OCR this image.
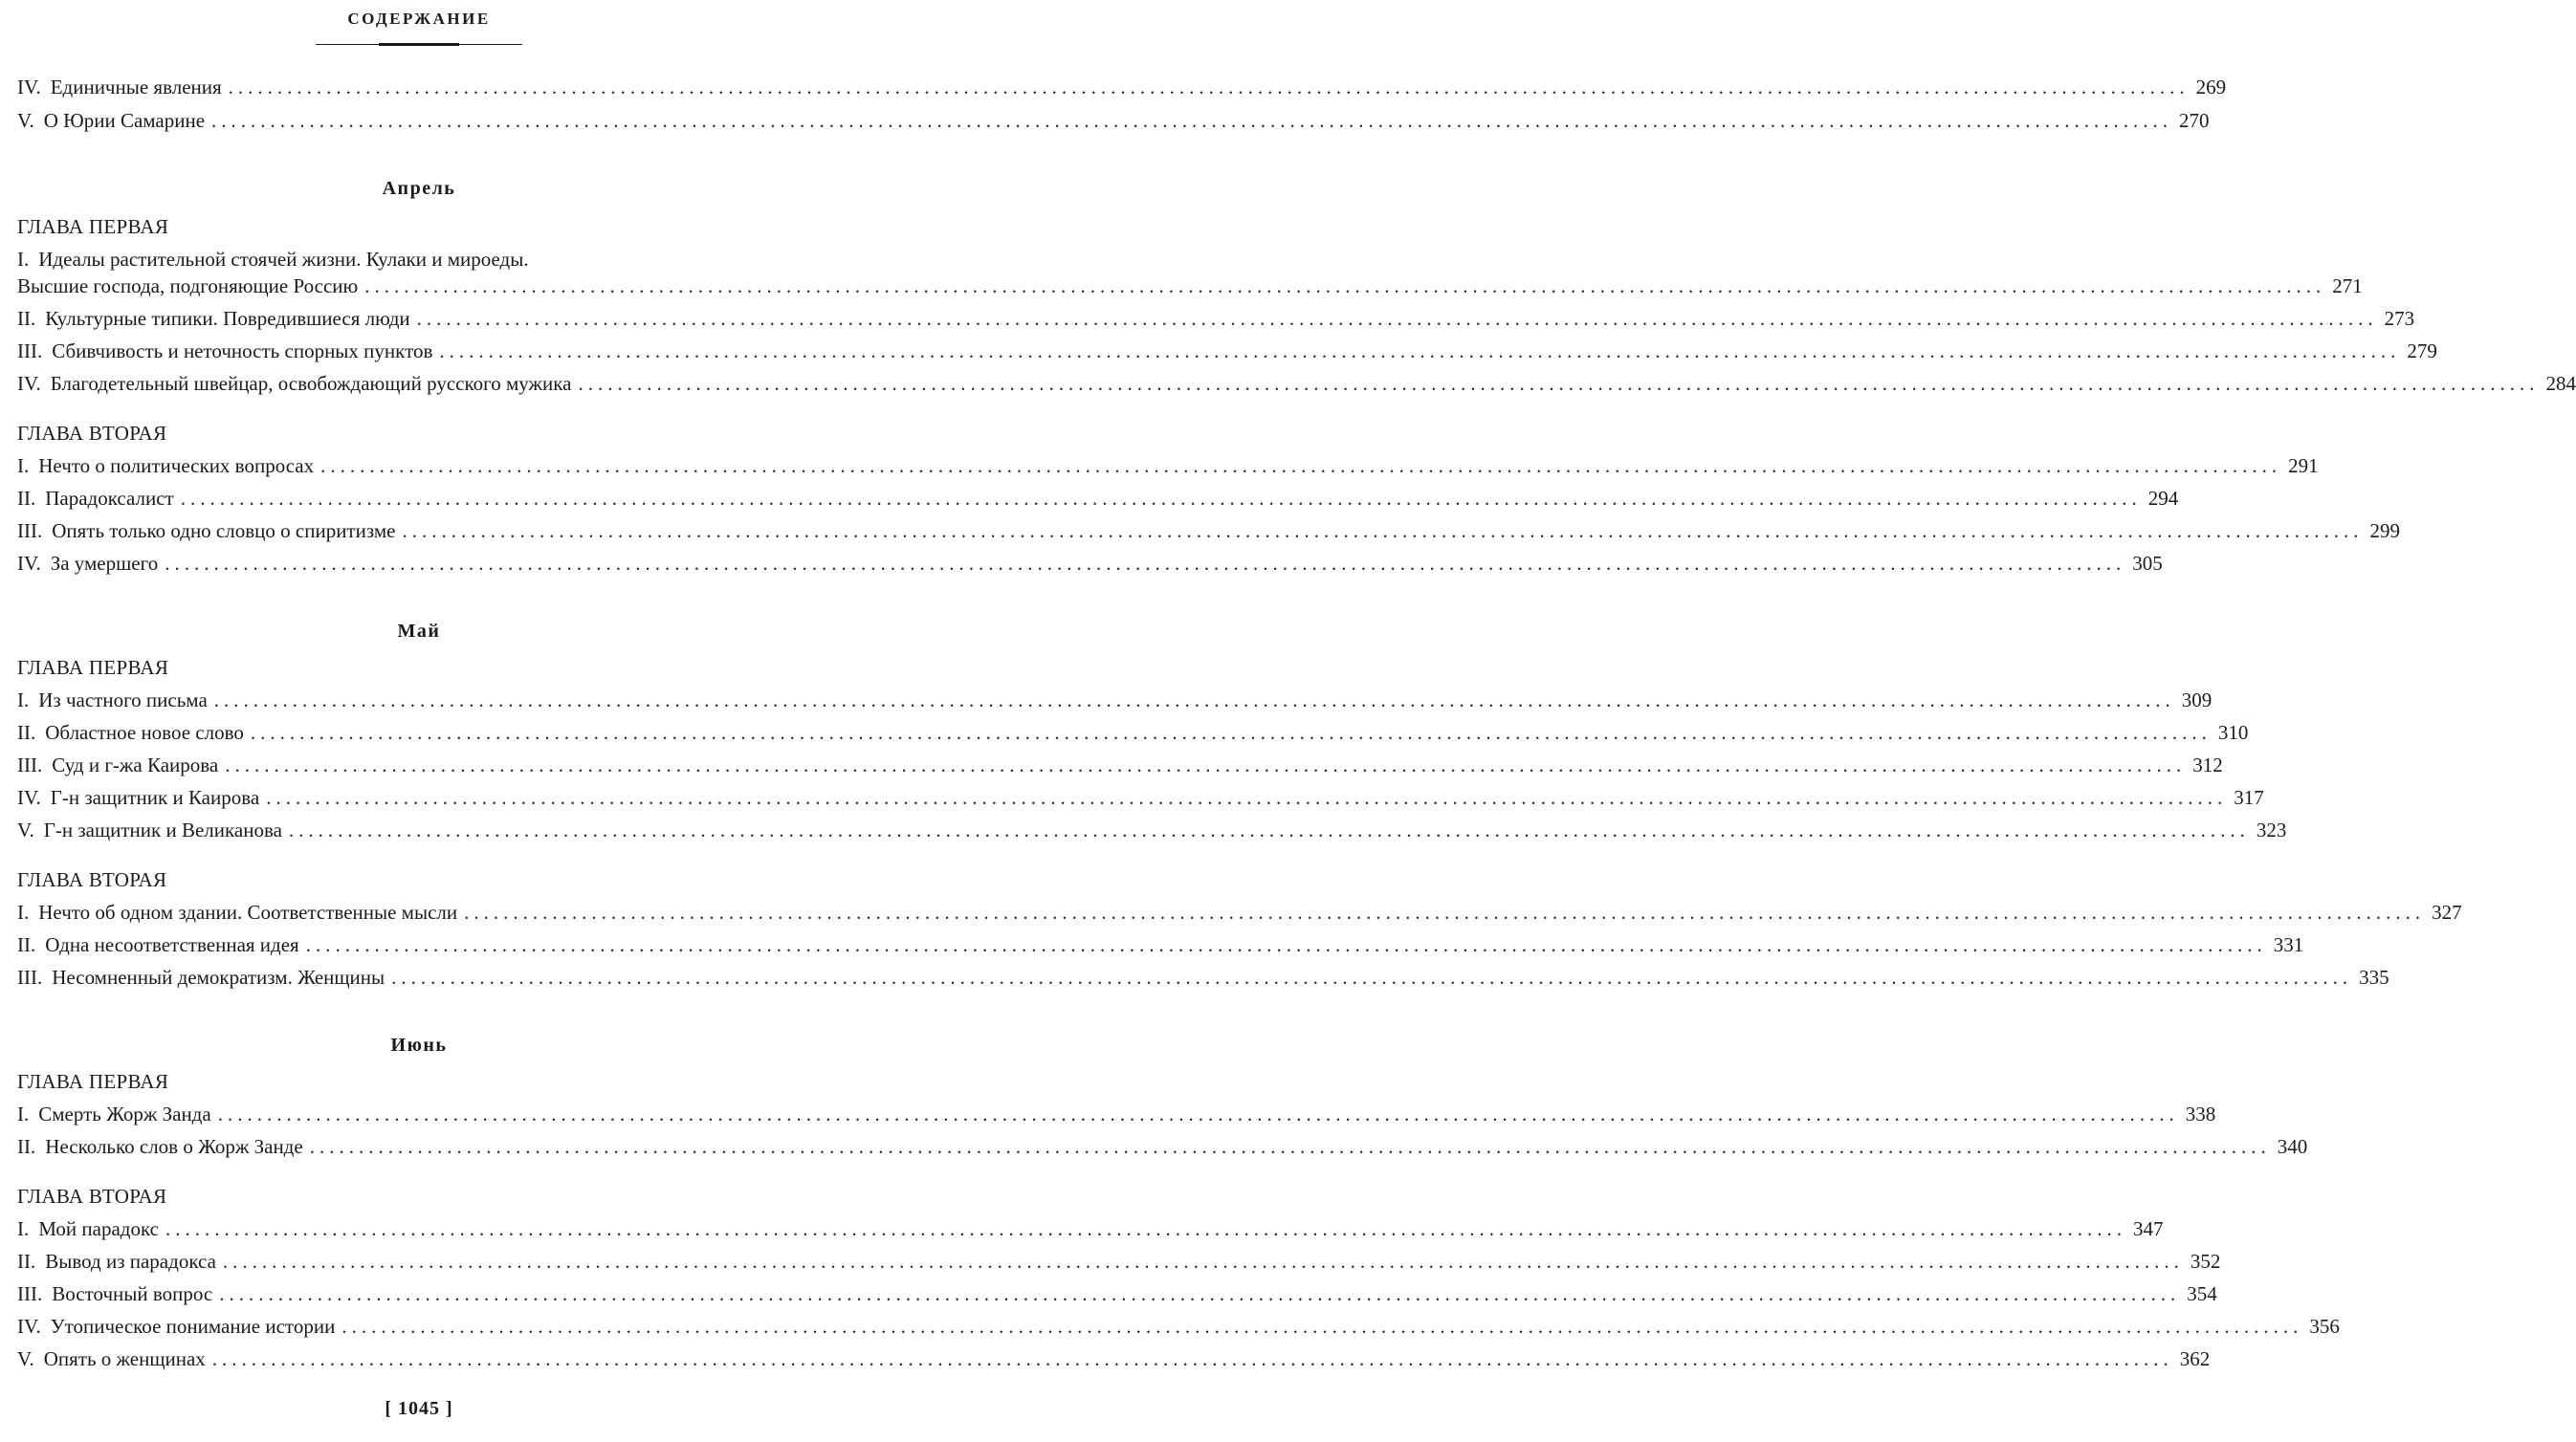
СОДЕРЖАНИЕ
IV. Единичные явления ........................................................................................................................................................................................................ 269
V. О Юрии Самарине ........................................................................................................................................................................................................ 270
Апрель
ГЛАВА ПЕРВАЯ
I. Идеалы растительной стоячей жизни. Кулаки и мироеды.
Высшие господа, подгоняющие Россию ........................................................................................................................................................................................................ 271
II. Культурные типики. Повредившиеся люди ........................................................................................................................................................................................................ 273
III. Сбивчивость и неточность спорных пунктов ........................................................................................................................................................................................................ 279
IV. Благодетельный швейцар, освобождающий русского мужика ........................................................................................................................................................................................................ 284
ГЛАВА ВТОРАЯ
I. Нечто о политических вопросах ........................................................................................................................................................................................................ 291
II. Парадоксалист ........................................................................................................................................................................................................ 294
III. Опять только одно словцо о спиритизме ........................................................................................................................................................................................................ 299
IV. За умершего ........................................................................................................................................................................................................ 305
Май
ГЛАВА ПЕРВАЯ
I. Из частного письма ........................................................................................................................................................................................................ 309
II. Областное новое слово ........................................................................................................................................................................................................ 310
III. Суд и г-жа Каирова ........................................................................................................................................................................................................ 312
IV. Г-н защитник и Каирова ........................................................................................................................................................................................................ 317
V. Г-н защитник и Великанова ........................................................................................................................................................................................................ 323
ГЛАВА ВТОРАЯ
I. Нечто об одном здании. Соответственные мысли ........................................................................................................................................................................................................ 327
II. Одна несоответственная идея ........................................................................................................................................................................................................ 331
III. Несомненный демократизм. Женщины ........................................................................................................................................................................................................ 335
Июнь
ГЛАВА ПЕРВАЯ
I. Смерть Жорж Занда ........................................................................................................................................................................................................ 338
II. Несколько слов о Жорж Занде ........................................................................................................................................................................................................ 340
ГЛАВА ВТОРАЯ
I. Мой парадокс ........................................................................................................................................................................................................ 347
II. Вывод из парадокса ........................................................................................................................................................................................................ 352
III. Восточный вопрос ........................................................................................................................................................................................................ 354
IV. Утопическое понимание истории ........................................................................................................................................................................................................ 356
V. Опять о женщинах ........................................................................................................................................................................................................ 362
[ 1045 ]
